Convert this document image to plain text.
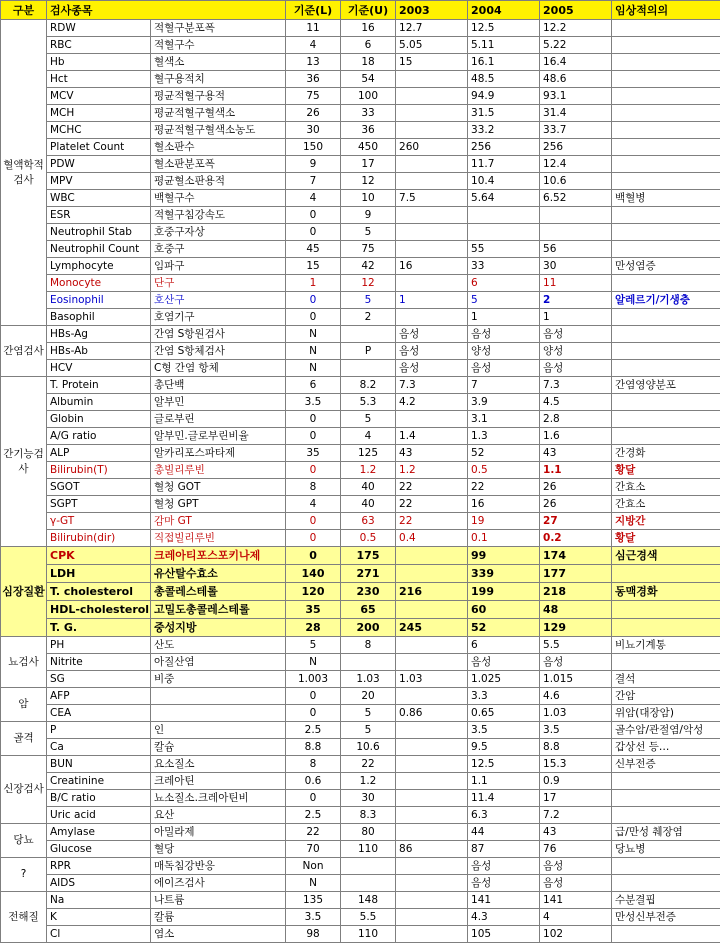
구분	검사종목		기준(L)	기준(U)	2003	2004	2005	임상적의의
혈액학적검사	RDW	적혈구분포폭	11	16	12.7	12.5	12.2	
	RBC	적혈구수	4	6	5.05	5.11	5.22	
	Hb	혈색소	13	18	15	16.1	16.4	
	Hct	혈구용적치	36	54		48.5	48.6	
	MCV	평균적혈구용적	75	100		94.9	93.1	
	MCH	평균적혈구혈색소	26	33		31.5	31.4	
	MCHC	평균적혈구혈색소농도	30	36		33.2	33.7	
	Platelet Count	혈소판수	150	450	260	256	256	
	PDW	혈소판분포폭	9	17		11.7	12.4	
	MPV	평균혈소판용적	7	12		10.4	10.6	
	WBC	백혈구수	4	10	7.5	5.64	6.52	백혈병
	ESR	적혈구침강속도	0	9				
	Neutrophil Stab	호중구자상	0	5				
	Neutrophil Count	호중구	45	75		55	56	
	Lymphocyte	임파구	15	42	16	33	30	만성염증
	Monocyte	단구	1	12		6	11	
	Eosinophil	호산구	0	5	1	5	2	알레르기/기생충
	Basophil	호염기구	0	2		1	1	
간염검사	HBs-Ag	간염 S항원검사	N		음성	음성	음성	
	HBs-Ab	간염 S항체검사	N	P	음성	양성	양성	
	HCV	C형 간염 항체	N		음성	음성	음성	
간기능검사	T. Protein	총단백	6	8.2	7.3	7	7.3	간염영양분포
	Albumin	알부민	3.5	5.3	4.2	3.9	4.5	
	Globin	글로부린	0	5		3.1	2.8	
	A/G ratio	알부민.글로부린비율	0	4	1.4	1.3	1.6	
	ALP	알카리포스파타제	35	125	43	52	43	간경화
	Bilirubin(T)	총빌리루빈	0	1.2	1.2	0.5	1.1	황달
	SGOT	혈청 GOT	8	40	22	22	26	간효소
	SGPT	혈청 GPT	4	40	22	16	26	간효소
	γ-GT	감마 GT	0	63	22	19	27	지방간
	Bilirubin(dir)	직접빌리루빈	0	0.5	0.4	0.1	0.2	황달
심장질환	CPK	크레아티포스포키나제	0	175		99	174	심근경색
	LDH	유산탈수효소	140	271		339	177	
	T. cholesterol	총콜레스테롤	120	230	216	199	218	동맥경화
	HDL-cholesterol	고밀도총콜레스테롤	35	65		60	48	
	T. G.	중성지방	28	200	245	52	129	
뇨검사	PH	산도	5	8		6	5.5	비뇨기계통
	Nitrite	아질산염	N			음성	음성	
	SG	비중	1.003	1.03	1.03	1.025	1.015	결석
암	AFP		0	20		3.3	4.6	간암
	CEA		0	5	0.86	0.65	1.03	위암(대장암)
골격	P	인	2.5	5		3.5	3.5	골수암/관절염/악성
	Ca	칼슘	8.8	10.6		9.5	8.8	갑상선 등…
신장검사	BUN	요소질소	8	22		12.5	15.3	신부전증
	Creatinine	크레아틴	0.6	1.2		1.1	0.9	
	B/C ratio	뇨소질소.크레아틴비	0	30		11.4	17	
	Uric acid	요산	2.5	8.3		6.3	7.2	
당뇨	Amylase	아밀라제	22	80		44	43	급/만성 췌장염
	Glucose	혈당	70	110	86	87	76	당뇨병
?	RPR	매독침강반응	Non			음성	음성	
	AIDS	에이즈검사	N			음성	음성	
전해질	Na	나트륨	135	148		141	141	수분결핍
	K	칼륨	3.5	5.5		4.3	4	만성신부전증
	Cl	염소	98	110		105	102	
